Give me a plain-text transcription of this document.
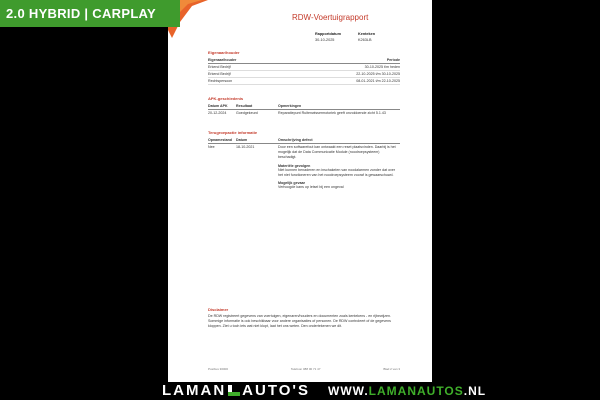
2.0 HYBRID | CARPLAY	RDW-Voertuigrapport
Rapportdatum
30-10-2025
Kenteken
K263LB
Eigenaar/houder
Eigenaar/houder	Periode
Erkend Bedrijf	30-10-2025 t/m heden
Erkend Bedrijf	22-10-2025 t/m 30-10-2025
Rechtspersoon	08-01-2021 t/m 22-10-2025
APK-geschiedenis
Datum APK	Resultaat	Opmerkingen
20-12-2024	Goedgekeurd	Reparatiepunt Ruitenwissermotoriek geeft onvoldoende zicht 5.1.43
Terugroepactie informatie
Opnamestand	Datum	Omschrijving defect
Nee	18-10-2021	Door een softwarefout kan ontwaakt een reset plaatsvinden. Daarbij is het mogelijk dat de Data Communicatie Module (noodroepsysteem) beschadigt.
Materiële gevolgen
Niet kunnen benaderen en inschakelen van noodalarmen zonder dat over het niet functioneren van het noodroepsysteem vooraf is gewaarschuwd.
Mogelijk gevaar
Verhoogde kans op letsel bij een ongeval
Disclaimer
De RDW registreert gegevens van voertuigen, eigenaren/houders en documenten zoals kentekens - en rijbewijzen. Sommige informatie is ook beschikbaar voor andere organisaties of personen. De RDW controleert of de gegevens kloppen. Ziet u toch iets wat niet klopt, laat het ons weten. Den ondertekenen we dit.
Postbus 30000	Telefoon 088 00 71 47	Blad 2 van 3
LAMAN AUTO'S WWW.LAMANAUTOS.NL
